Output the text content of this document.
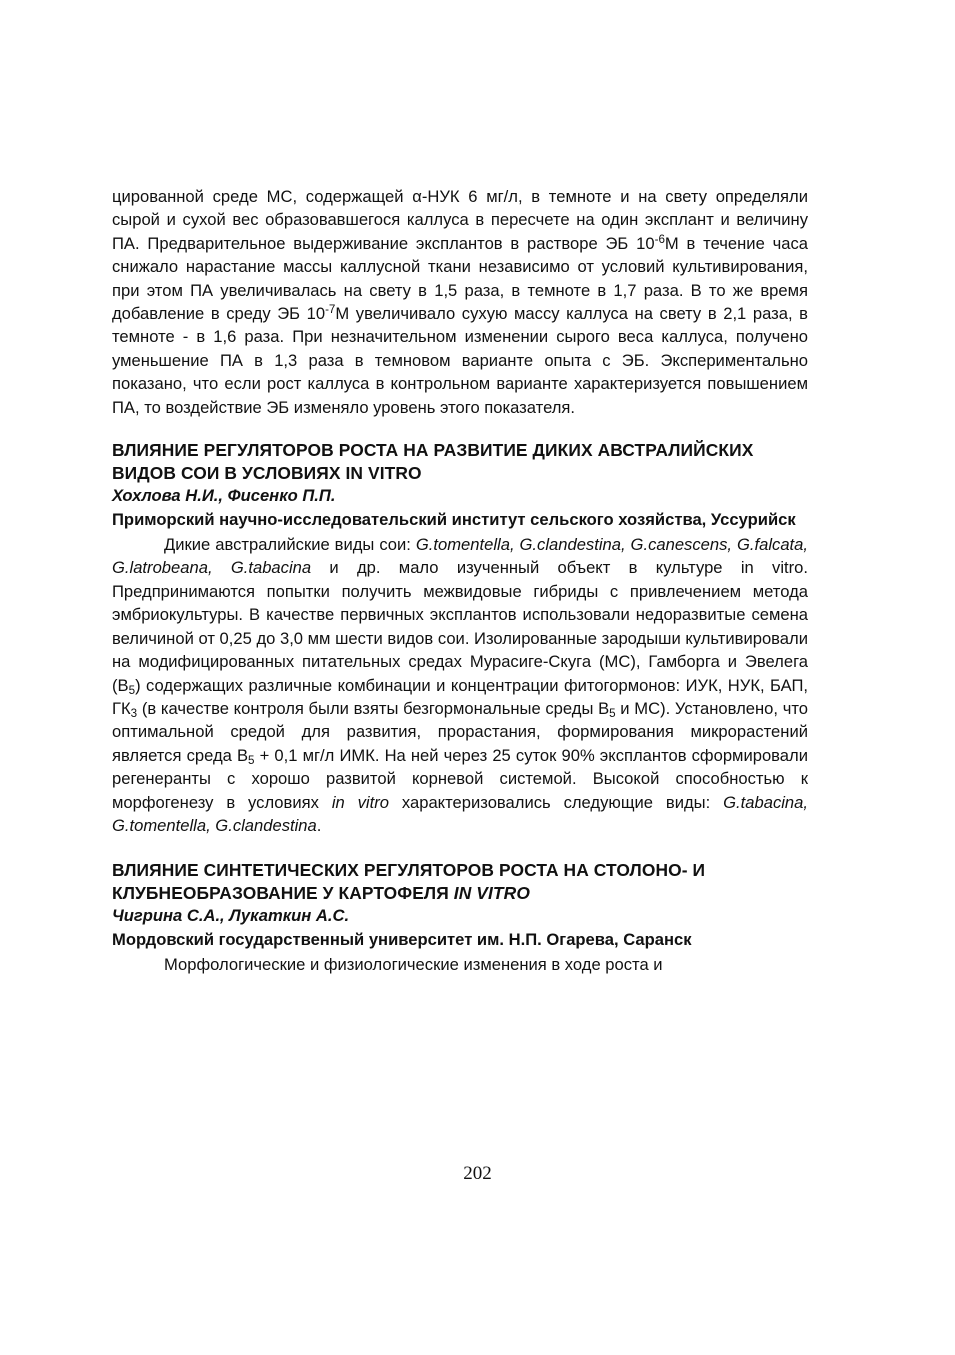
цированной среде МС, содержащей α-НУК 6 мг/л, в темноте и на свету определяли сырой и сухой вес образовавшегося каллуса в пересчете на один эксплант и величину ПА. Предварительное выдерживание эксплантов в растворе ЭБ $10^{-6}М$ в течение часа снижало нарастание массы каллусной ткани независимо от условий культивирования, при этом ПА увеличивалась на свету в 1,5 раза, в темноте в 1,7 раза. В то же время добавление в среду ЭБ $10^{-7}М$ увеличивало сухую массу каллуса на свету в 2,1 раза, в темноте - в 1,6 раза. При незначительном изменении сырого веса каллуса, получено уменьшение ПА в 1,3 раза в темновом варианте опыта с ЭБ. Экспериментально показано, что если рост каллуса в контрольном варианте характеризуется повышением ПА, то воздействие ЭБ изменяло уровень этого показателя.

ВЛИЯНИЕ РЕГУЛЯТОРОВ РОСТА НА РАЗВИТИЕ ДИКИХ АВСТРАЛИЙСКИХ ВИДОВ СОИ В УСЛОВИЯХ IN VITRO

Хохлова Н.И., Фисенко П.П.

Приморский научно-исследовательский институт сельского хозяйства, Уссурийск

Дикие австралийские виды сои: G.tomentella, G.clandestina, G.canescens, G.falcata, G.latrobeana, G.tabacina и др. мало изученный объект в культуре in vitro. Предпринимаются попытки получить межвидовые гибриды с привлечением метода эмбриокультуры. В качестве первичных эксплантов использовали недоразвитые семена величиной от 0,25 до 3,0 мм шести видов сои. Изолированные зародыши культивировали на модифицированных питательных средах Мурасиге-Скуга (МС), Гамборга и Эвелега $(В_5)$ содержащих различные комбинации и концентрации фитогормонов: ИУК, НУК, БАП, $ГК_3$ (в качестве контроля были взяты безгормональные среды $В_5$ и МС). Установлено, что оптимальной средой для развития, прорастания, формирования микрорастений является среда $В_5 + 0,1$ мг/л ИМК. На ней через 25 суток 90% эксплантов сформировали регенеранты с хорошо развитой корневой системой. Высокой способностью к морфогенезу в условиях in vitro характеризовались следующие виды: G.tabacina, G.tomentella, G.clandestina.

ВЛИЯНИЕ СИНТЕТИЧЕСКИХ РЕГУЛЯТОРОВ РОСТА НА СТОЛОНО- И КЛУБНЕОБРАЗОВАНИЕ У КАРТОФЕЛЯ IN VITRO

Чигрина С.А., Лукаткин А.С.

Мордовский государственный университет им. Н.П. Огарева, Саранск

Морфологические и физиологические изменения в ходе роста и

202
